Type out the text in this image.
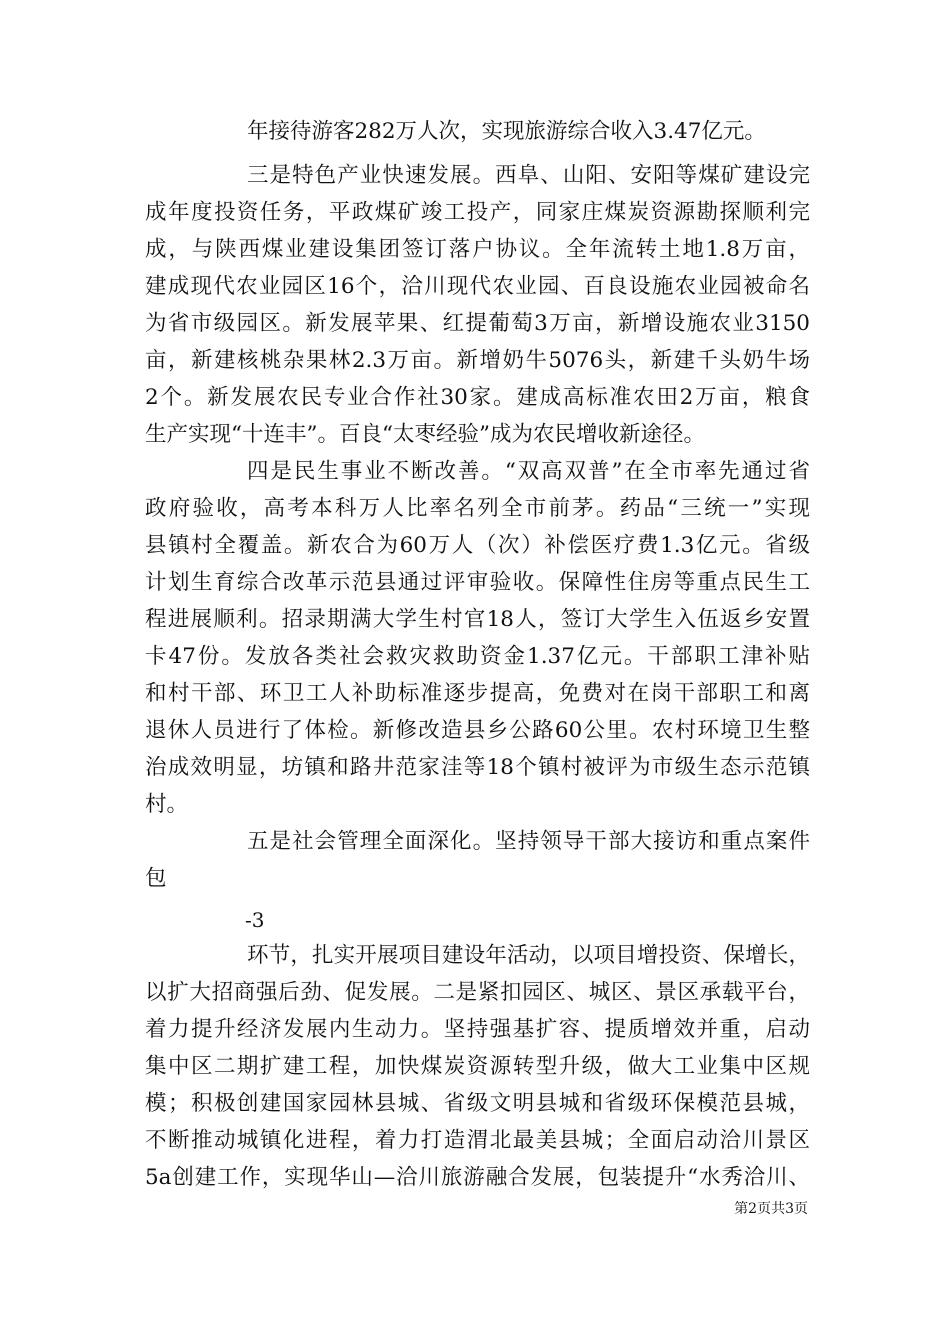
年接待游客282万人次，实现旅游综合收入3.47亿元。
三是特色产业快速发展。西阜、山阳、安阳等煤矿建设完
成年度投资任务，平政煤矿竣工投产，同家庄煤炭资源勘探顺利完
成，与陕西煤业建设集团签订落户协议。全年流转土地1.8万亩，
建成现代农业园区16个，洽川现代农业园、百良设施农业园被命名
为省市级园区。新发展苹果、红提葡萄3万亩，新增设施农业3150
亩，新建核桃杂果林2.3万亩。新增奶牛5076头，新建千头奶牛场
2个。新发展农民专业合作社30家。建成高标准农田2万亩，粮食
生产实现“十连丰”。百良“太枣经验”成为农民增收新途径。
四是民生事业不断改善。“双高双普”在全市率先通过省
政府验收，高考本科万人比率名列全市前茅。药品“三统一”实现
县镇村全覆盖。新农合为60万人（次）补偿医疗费1.3亿元。省级
计划生育综合改革示范县通过评审验收。保障性住房等重点民生工
程进展顺利。招录期满大学生村官18人，签订大学生入伍返乡安置
卡47份。发放各类社会救灾救助资金1.37亿元。干部职工津补贴
和村干部、环卫工人补助标准逐步提高，免费对在岗干部职工和离
退休人员进行了体检。新修改造县乡公路60公里。农村环境卫生整
治成效明显，坊镇和路井范家洼等18个镇村被评为市级生态示范镇
村。
五是社会管理全面深化。坚持领导干部大接访和重点案件
包
-3
环节，扎实开展项目建设年活动，以项目增投资、保增长，
以扩大招商强后劲、促发展。二是紧扣园区、城区、景区承载平台，
着力提升经济发展内生动力。坚持强基扩容、提质增效并重，启动
集中区二期扩建工程，加快煤炭资源转型升级，做大工业集中区规
模；积极创建国家园林县城、省级文明县城和省级环保模范县城，
不断推动城镇化进程，着力打造渭北最美县城；全面启动洽川景区
5a创建工作，实现华山—洽川旅游融合发展，包装提升“水秀洽川、
第2页共3页
